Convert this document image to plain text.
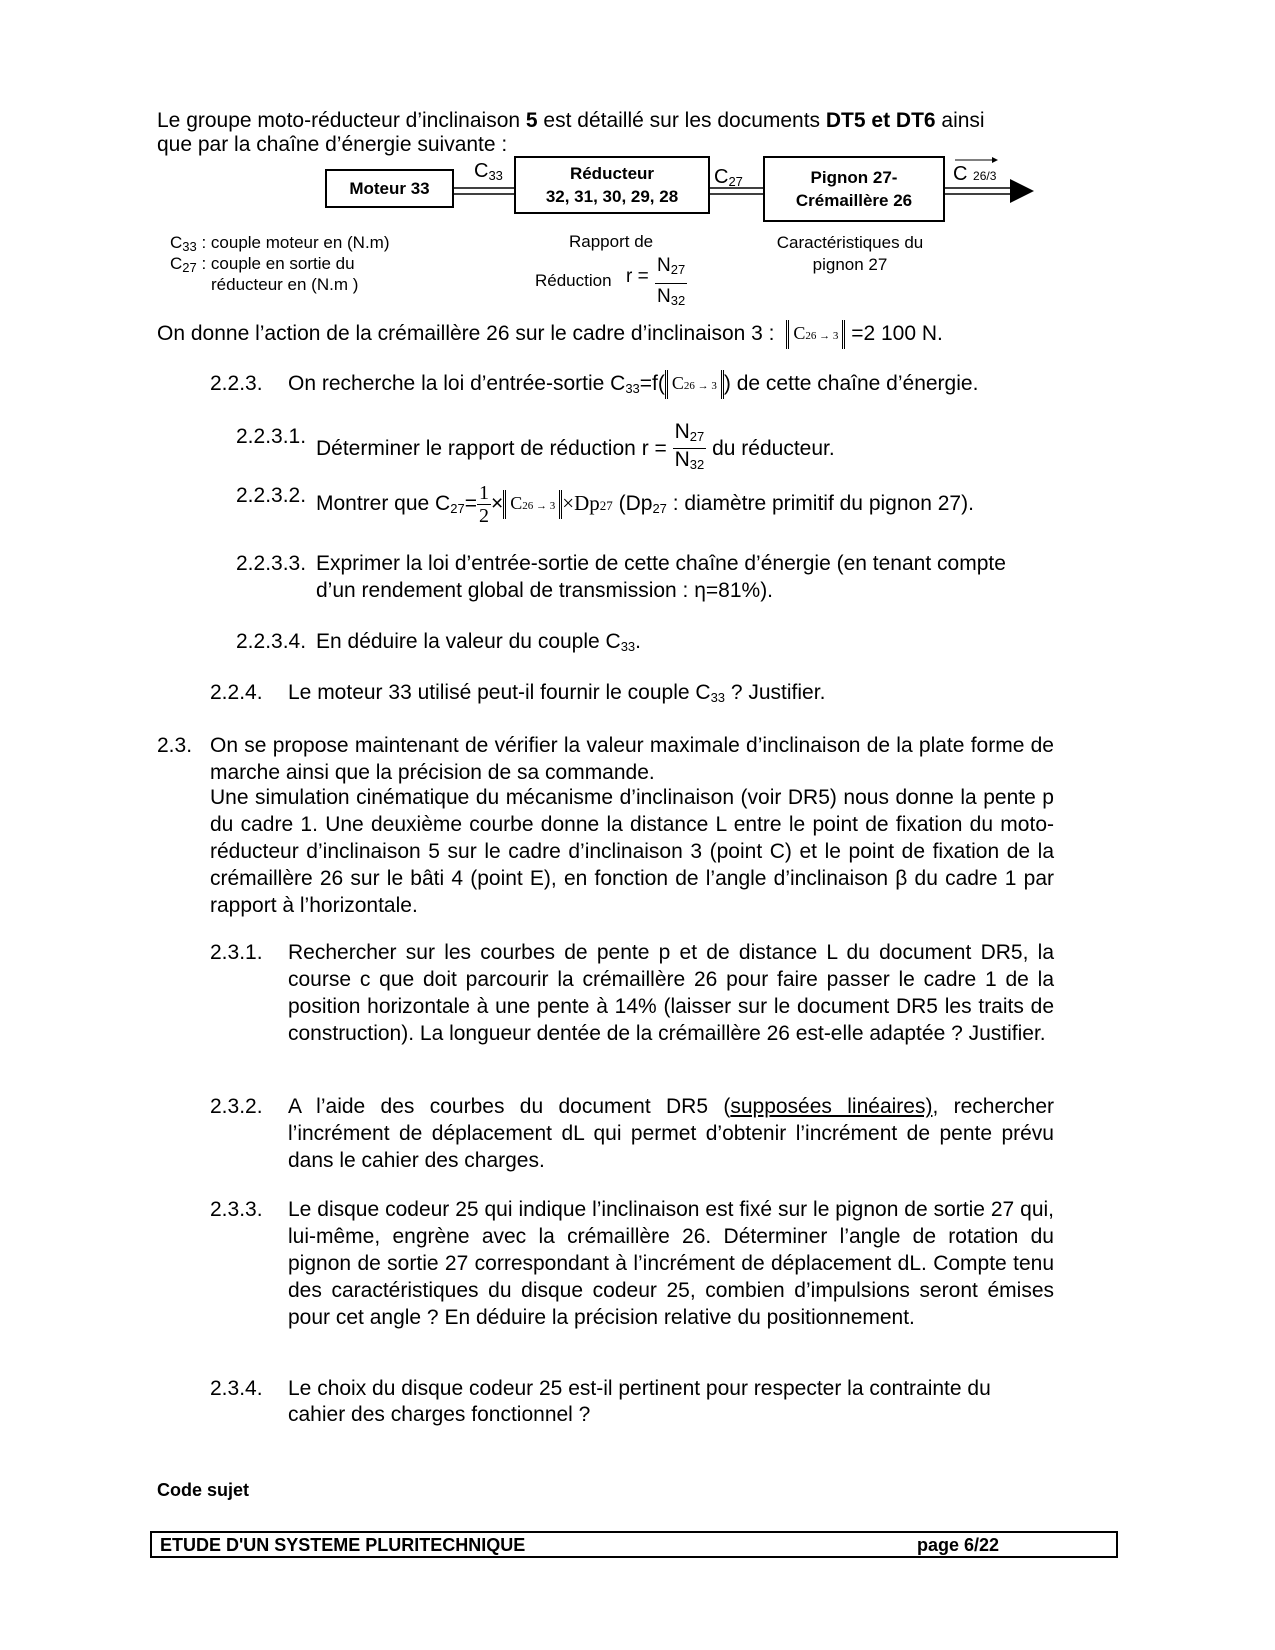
Le groupe moto-réducteur d’inclinaison 5 est détaillé sur les documents DT5 et DT6 ainsi
que par la chaîne d’énergie suivante :
Moteur 33
Réducteur
32, 31, 30, 29, 28
Pignon 27-
Crémaillère 26
$C_{33}$	$C_{27}$	C 26/3
$C_{33}$ : couple moteur en (N.m)
$C_{27}$ : couple en sortie du
réducteur en (N.m )
Rapport de
Réduction $r = \frac{N_{27}}{N_{32}}$
Caractéristiques du
pignon 27
On donne l’action de la crémaillère 26 sur le cadre d’inclinaison 3 : C26 → 3 =2 100 N.
2.2.3. On recherche la loi d’entrée-sortie $C_{33}=f$( C26 → 3 ) de cette chaîne d’énergie.
2.2.3.1.
Déterminer le rapport de réduction $r = \frac{N_{27}}{N_{32}}$ du réducteur.
2.2.3.2. Montrer que $C_{27}= \frac{1}{2} \times C26 \to 3 \times Dp27$ ($Dp_{27}$ : diamètre primitif du pignon 27).
2.2.3.3. Exprimer la loi d’entrée-sortie de cette chaîne d’énergie (en tenant compte
d’un rendement global de transmission : η=81%).
2.2.3.4. En déduire la valeur du couple $C_{33}$.
2.2.4. Le moteur 33 utilisé peut-il fournir le couple $C_{33}$ ? Justifier.
2.3. On se propose maintenant de vérifier la valeur maximale d’inclinaison de la plate forme de marche ainsi que la précision de sa commande.
Une simulation cinématique du mécanisme d’inclinaison (voir DR5) nous donne la pente p du cadre 1. Une deuxième courbe donne la distance L entre le point de fixation du moto-réducteur d’inclinaison 5 sur le cadre d’inclinaison 3 (point C) et le point de fixation de la crémaillère 26 sur le bâti 4 (point E), en fonction de l’angle d’inclinaison β du cadre 1 par rapport à l’horizontale.
2.3.1. Rechercher sur les courbes de pente p et de distance L du document DR5, la course c que doit parcourir la crémaillère 26 pour faire passer le cadre 1 de la position horizontale à une pente à 14% (laisser sur le document DR5 les traits de construction). La longueur dentée de la crémaillère 26 est-elle adaptée ? Justifier.
2.3.2. A l’aide des courbes du document DR5 (supposées linéaires), rechercher l’incrément de déplacement dL qui permet d’obtenir l’incrément de pente prévu dans le cahier des charges.
2.3.3. Le disque codeur 25 qui indique l’inclinaison est fixé sur le pignon de sortie 27 qui, lui-même, engrène avec la crémaillère 26. Déterminer l’angle de rotation du pignon de sortie 27 correspondant à l’incrément de déplacement dL. Compte tenu des caractéristiques du disque codeur 25, combien d’impulsions seront émises pour cet angle ? En déduire la précision relative du positionnement.
2.3.4. Le choix du disque codeur 25 est-il pertinent pour respecter la contrainte du
cahier des charges fonctionnel ?
ETUDE D'UN SYSTEME PLURITECHNIQUE	page 6/22
Code sujet
